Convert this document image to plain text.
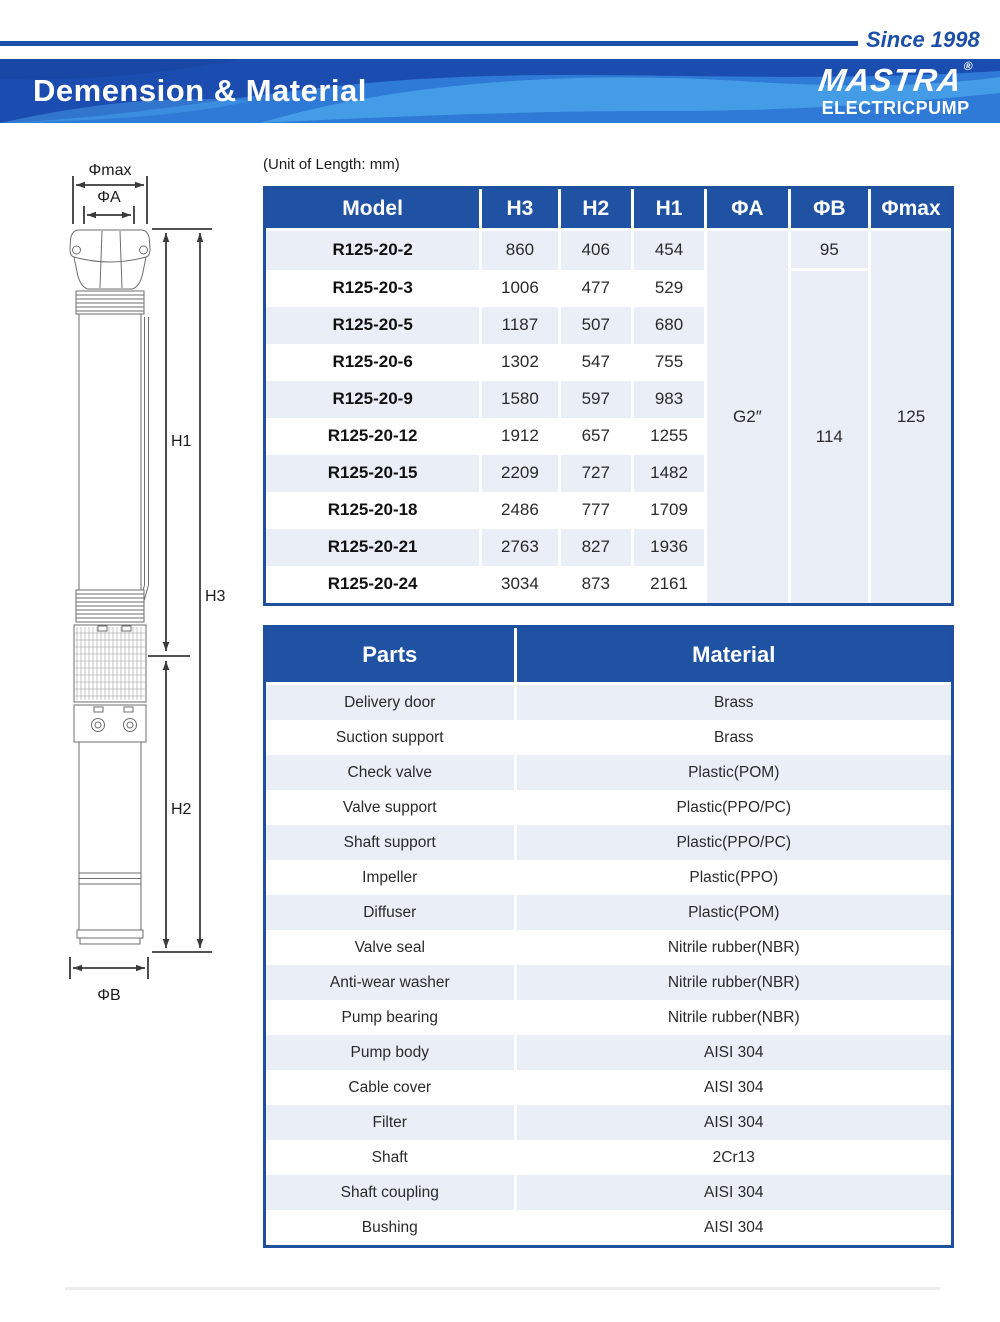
Since 1998
Demension & Material	MASTRA®
ELECTRICPUMP
Φmax
ΦA
H1
H3
H2
ΦB
(Unit of Length: mm)
Model	H3	H2	H1	ΦA	ΦB	Φmax
R125-20-2	860	406	454	G2″	95	125
R125-20-3	1006	477	529		114	
R125-20-5	1187	507	680			
R125-20-6	1302	547	755			
R125-20-9	1580	597	983			
R125-20-12	1912	657	1255			
R125-20-15	2209	727	1482			
R125-20-18	2486	777	1709			
R125-20-21	2763	827	1936			
R125-20-24	3034	873	2161			
Parts	Material
Delivery door	Brass
Suction support	Brass
Check valve	Plastic(POM)
Valve support	Plastic(PPO/PC)
Shaft support	Plastic(PPO/PC)
Impeller	Plastic(PPO)
Diffuser	Plastic(POM)
Valve seal	Nitrile rubber(NBR)
Anti-wear washer	Nitrile rubber(NBR)
Pump bearing	Nitrile rubber(NBR)
Pump body	AISI 304
Cable cover	AISI 304
Filter	AISI 304
Shaft	2Cr13
Shaft coupling	AISI 304
Bushing	AISI 304
